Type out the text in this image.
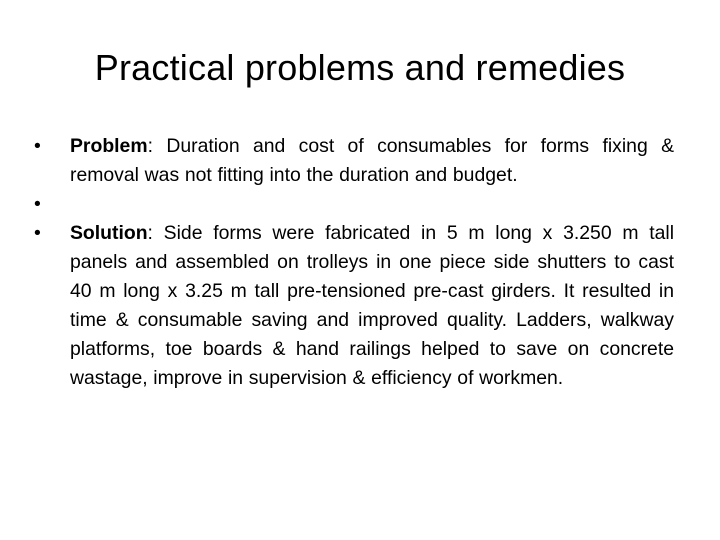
Practical problems and remedies
•	Problem: Duration and cost of consumables for forms fixing & removal was not fitting into the duration and budget.
•
•	Solution: Side forms were fabricated in 5 m long x 3.250 m tall panels and assembled on trolleys in one piece side shutters to cast 40 m long x 3.25 m tall pre-tensioned pre-cast girders. It resulted in time & consumable saving and improved quality. Ladders, walkway platforms, toe boards & hand railings helped to save on concrete wastage, improve in supervision & efficiency of workmen.
